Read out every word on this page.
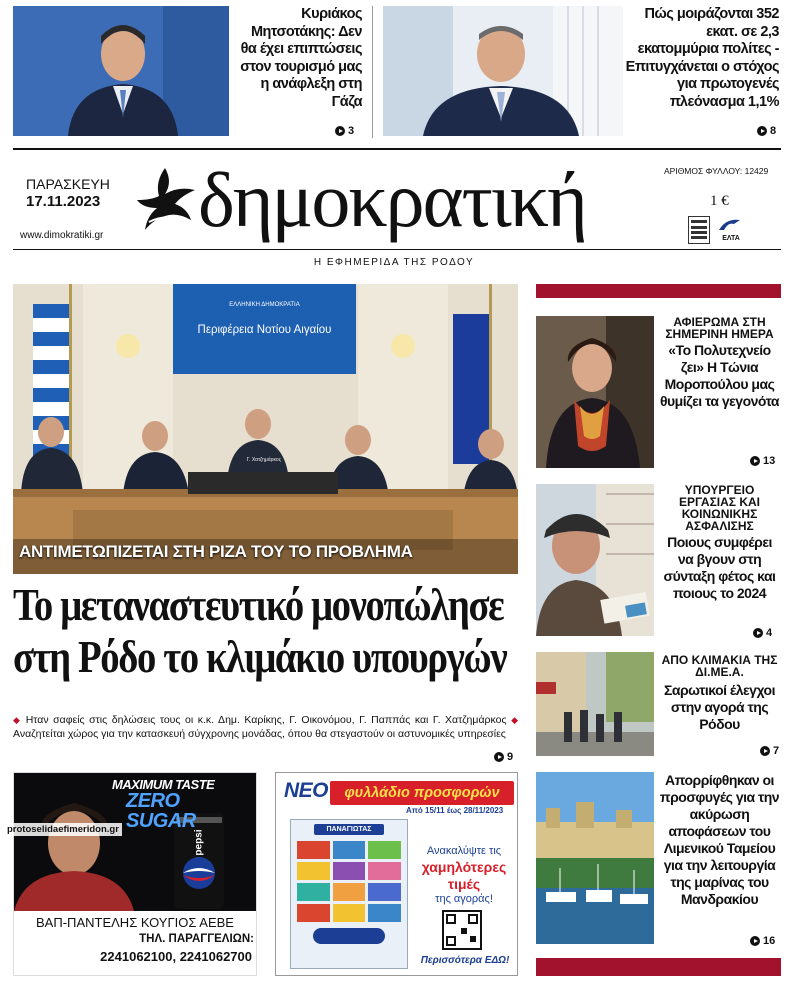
Κυριάκος Μητσοτάκης: Δεν θα έχει επιπτώσεις στον τουρισμό μας η ανάφλεξη στη Γάζα
3
Πώς μοιράζονται 352 εκατ. σε 2,3 εκατομμύρια πολίτες - Επιτυγχάνεται ο στόχος για πρωτογενές πλεόνασμα 1,1%
8
ΠΑΡΑΣΚΕΥΗ
17.11.2023
www.dimokratiki.gr δημοκρατική	ΑΡΙΘΜΟΣ ΦΥΛΛΟΥ: 12429
1 €
ΕΛΤΑ
Η ΕΦΗΜΕΡΙΔΑ ΤΗΣ ΡΟΔΟΥ
ΕΛΛΗΝΙΚΗ ΔΗΜΟΚΡΑΤΙΑ
Περιφέρεια Νοτίου Αιγαίου
Γ. Χατζημάρκος
ΑΝΤΙΜΕΤΩΠΙΖΕΤΑΙ ΣΤΗ ΡΙΖΑ ΤΟΥ ΤΟ ΠΡΟΒΛΗΜΑ
Το μεταναστευτικό μονοπώλησε
στη Ρόδο το κλιμάκιο υπουργών
◆ Ηταν σαφείς στις δηλώσεις τους οι κ.κ. Δημ. Καρίκης, Γ. Οικονόμου, Γ. Παππάς και Γ. Χατζημάρκος ◆ Αναζητείται χώρος για την κατασκευή σύγχρονης μονάδας, όπου θα στεγαστούν οι αστυνομικές υπηρεσίες
9
ΑΦΙΕΡΩΜΑ ΣΤΗ ΣΗΜΕΡΙΝΗ ΗΜΕΡΑ
«Το Πολυτεχνείο ζει» Η Τώνια Μοροπούλου μας θυμίζει τα γεγονότα
13
ΥΠΟΥΡΓΕΙΟ ΕΡΓΑΣΙΑΣ ΚΑΙ ΚΟΙΝΩΝΙΚΗΣ ΑΣΦΑΛΙΣΗΣ
Ποιους συμφέρει να βγουν στη σύνταξη φέτος και ποιους το 2024
4
ΑΠΟ ΚΛΙΜΑΚΙΑ ΤΗΣ ΔΙ.ΜΕ.Α.
Σαρωτικοί έλεγχοι στην αγορά της Ρόδου
7
Απορρίφθηκαν οι προσφυγές για την ακύρωση αποφάσεων του Λιμενικού Ταμείου για την λειτουργία της μαρίνας του Μανδρακίου
16
MAXIMUM TASTE
ZERO
SUGAR
pepsi
ΒΑΠ-ΠΑΝΤΕΛΗΣ ΚΟΥΓΙΟΣ ΑΕΒΕ
ΤΗΛ. ΠΑΡΑΓΓΕΛΙΩΝ:
2241062100, 2241062700
protoselidaefimeridon.gr
ΝΕΟ	φυλλάδιο προσφορών
Από 15/11 έως 28/11/2023
ΠΑΝΑΓΙΩΤΑΣ
Ανακαλύψτε τις
χαμηλότερες
τιμές
της αγοράς!
Περισσότερα ΕΔΩ!
